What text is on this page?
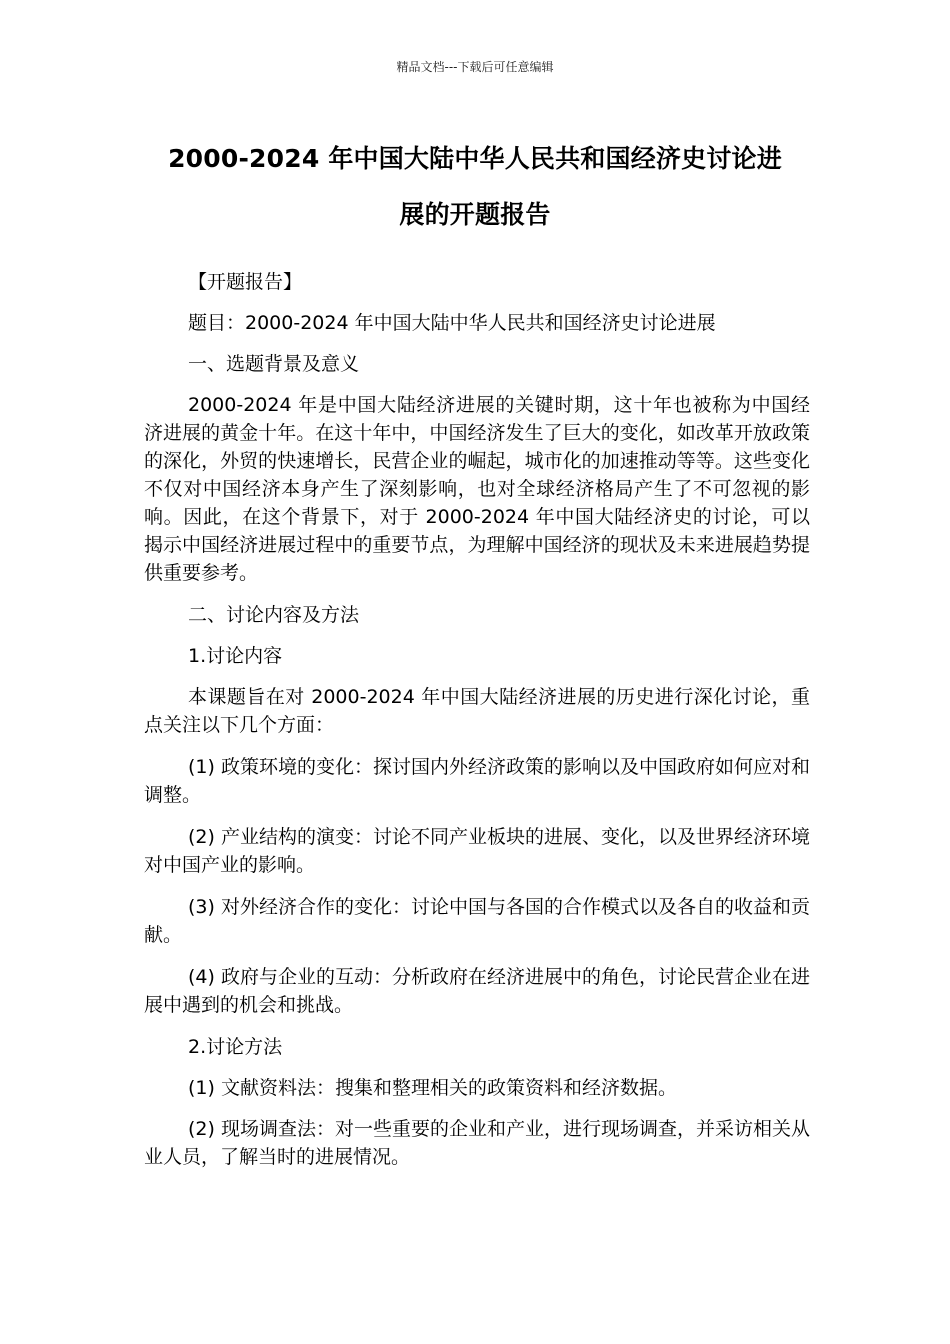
精品文档---下载后可任意编辑
2000-2024 年中国大陆中华人民共和国经济史讨论进
展的开题报告

【开题报告】

题目：2000-2024 年中国大陆中华人民共和国经济史讨论进展

一、选题背景及意义

2000-2024 年是中国大陆经济进展的关键时期，这十年也被称为中国经济进展的黄金十年。在这十年中，中国经济发生了巨大的变化，如改革开放政策的深化，外贸的快速增长，民营企业的崛起，城市化的加速推动等等。这些变化不仅对中国经济本身产生了深刻影响，也对全球经济格局产生了不可忽视的影响。因此，在这个背景下，对于 2000-2024 年中国大陆经济史的讨论，可以揭示中国经济进展过程中的重要节点，为理解中国经济的现状及未来进展趋势提供重要参考。

二、讨论内容及方法

1.讨论内容

本课题旨在对 2000-2024 年中国大陆经济进展的历史进行深化讨论，重点关注以下几个方面：

(1) 政策环境的变化：探讨国内外经济政策的影响以及中国政府如何应对和调整。

(2) 产业结构的演变：讨论不同产业板块的进展、变化，以及世界经济环境对中国产业的影响。

(3) 对外经济合作的变化：讨论中国与各国的合作模式以及各自的收益和贡献。

(4) 政府与企业的互动：分析政府在经济进展中的角色，讨论民营企业在进展中遇到的机会和挑战。

2.讨论方法

(1) 文献资料法：搜集和整理相关的政策资料和经济数据。

(2) 现场调查法：对一些重要的企业和产业，进行现场调查，并采访相关从业人员，了解当时的进展情况。
